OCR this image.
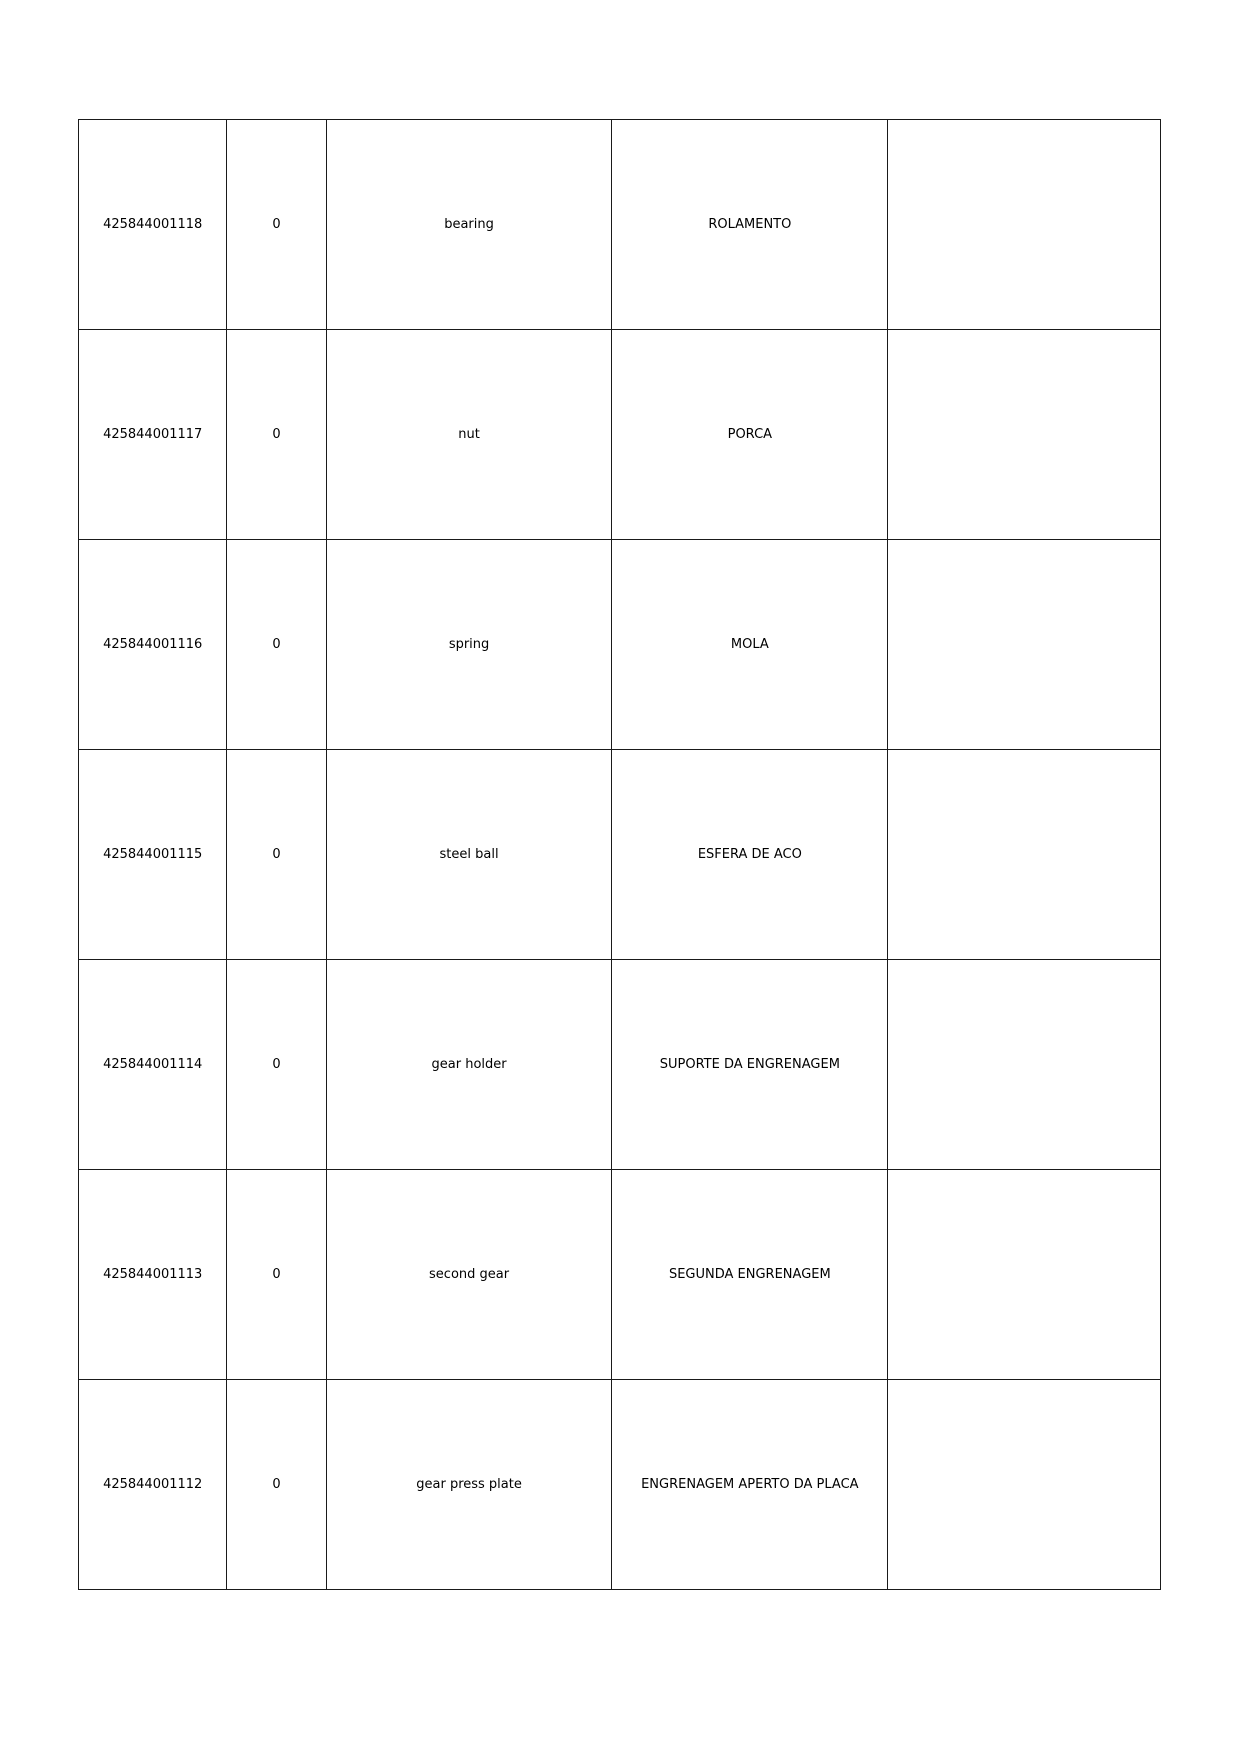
425844001118	0	bearing	ROLAMENTO	
425844001117	0	nut	PORCA	
425844001116	0	spring	MOLA	
425844001115	0	steel ball	ESFERA DE ACO	
425844001114	0	gear holder	SUPORTE DA ENGRENAGEM	
425844001113	0	second gear	SEGUNDA ENGRENAGEM	
425844001112	0	gear press plate	ENGRENAGEM APERTO DA PLACA	
